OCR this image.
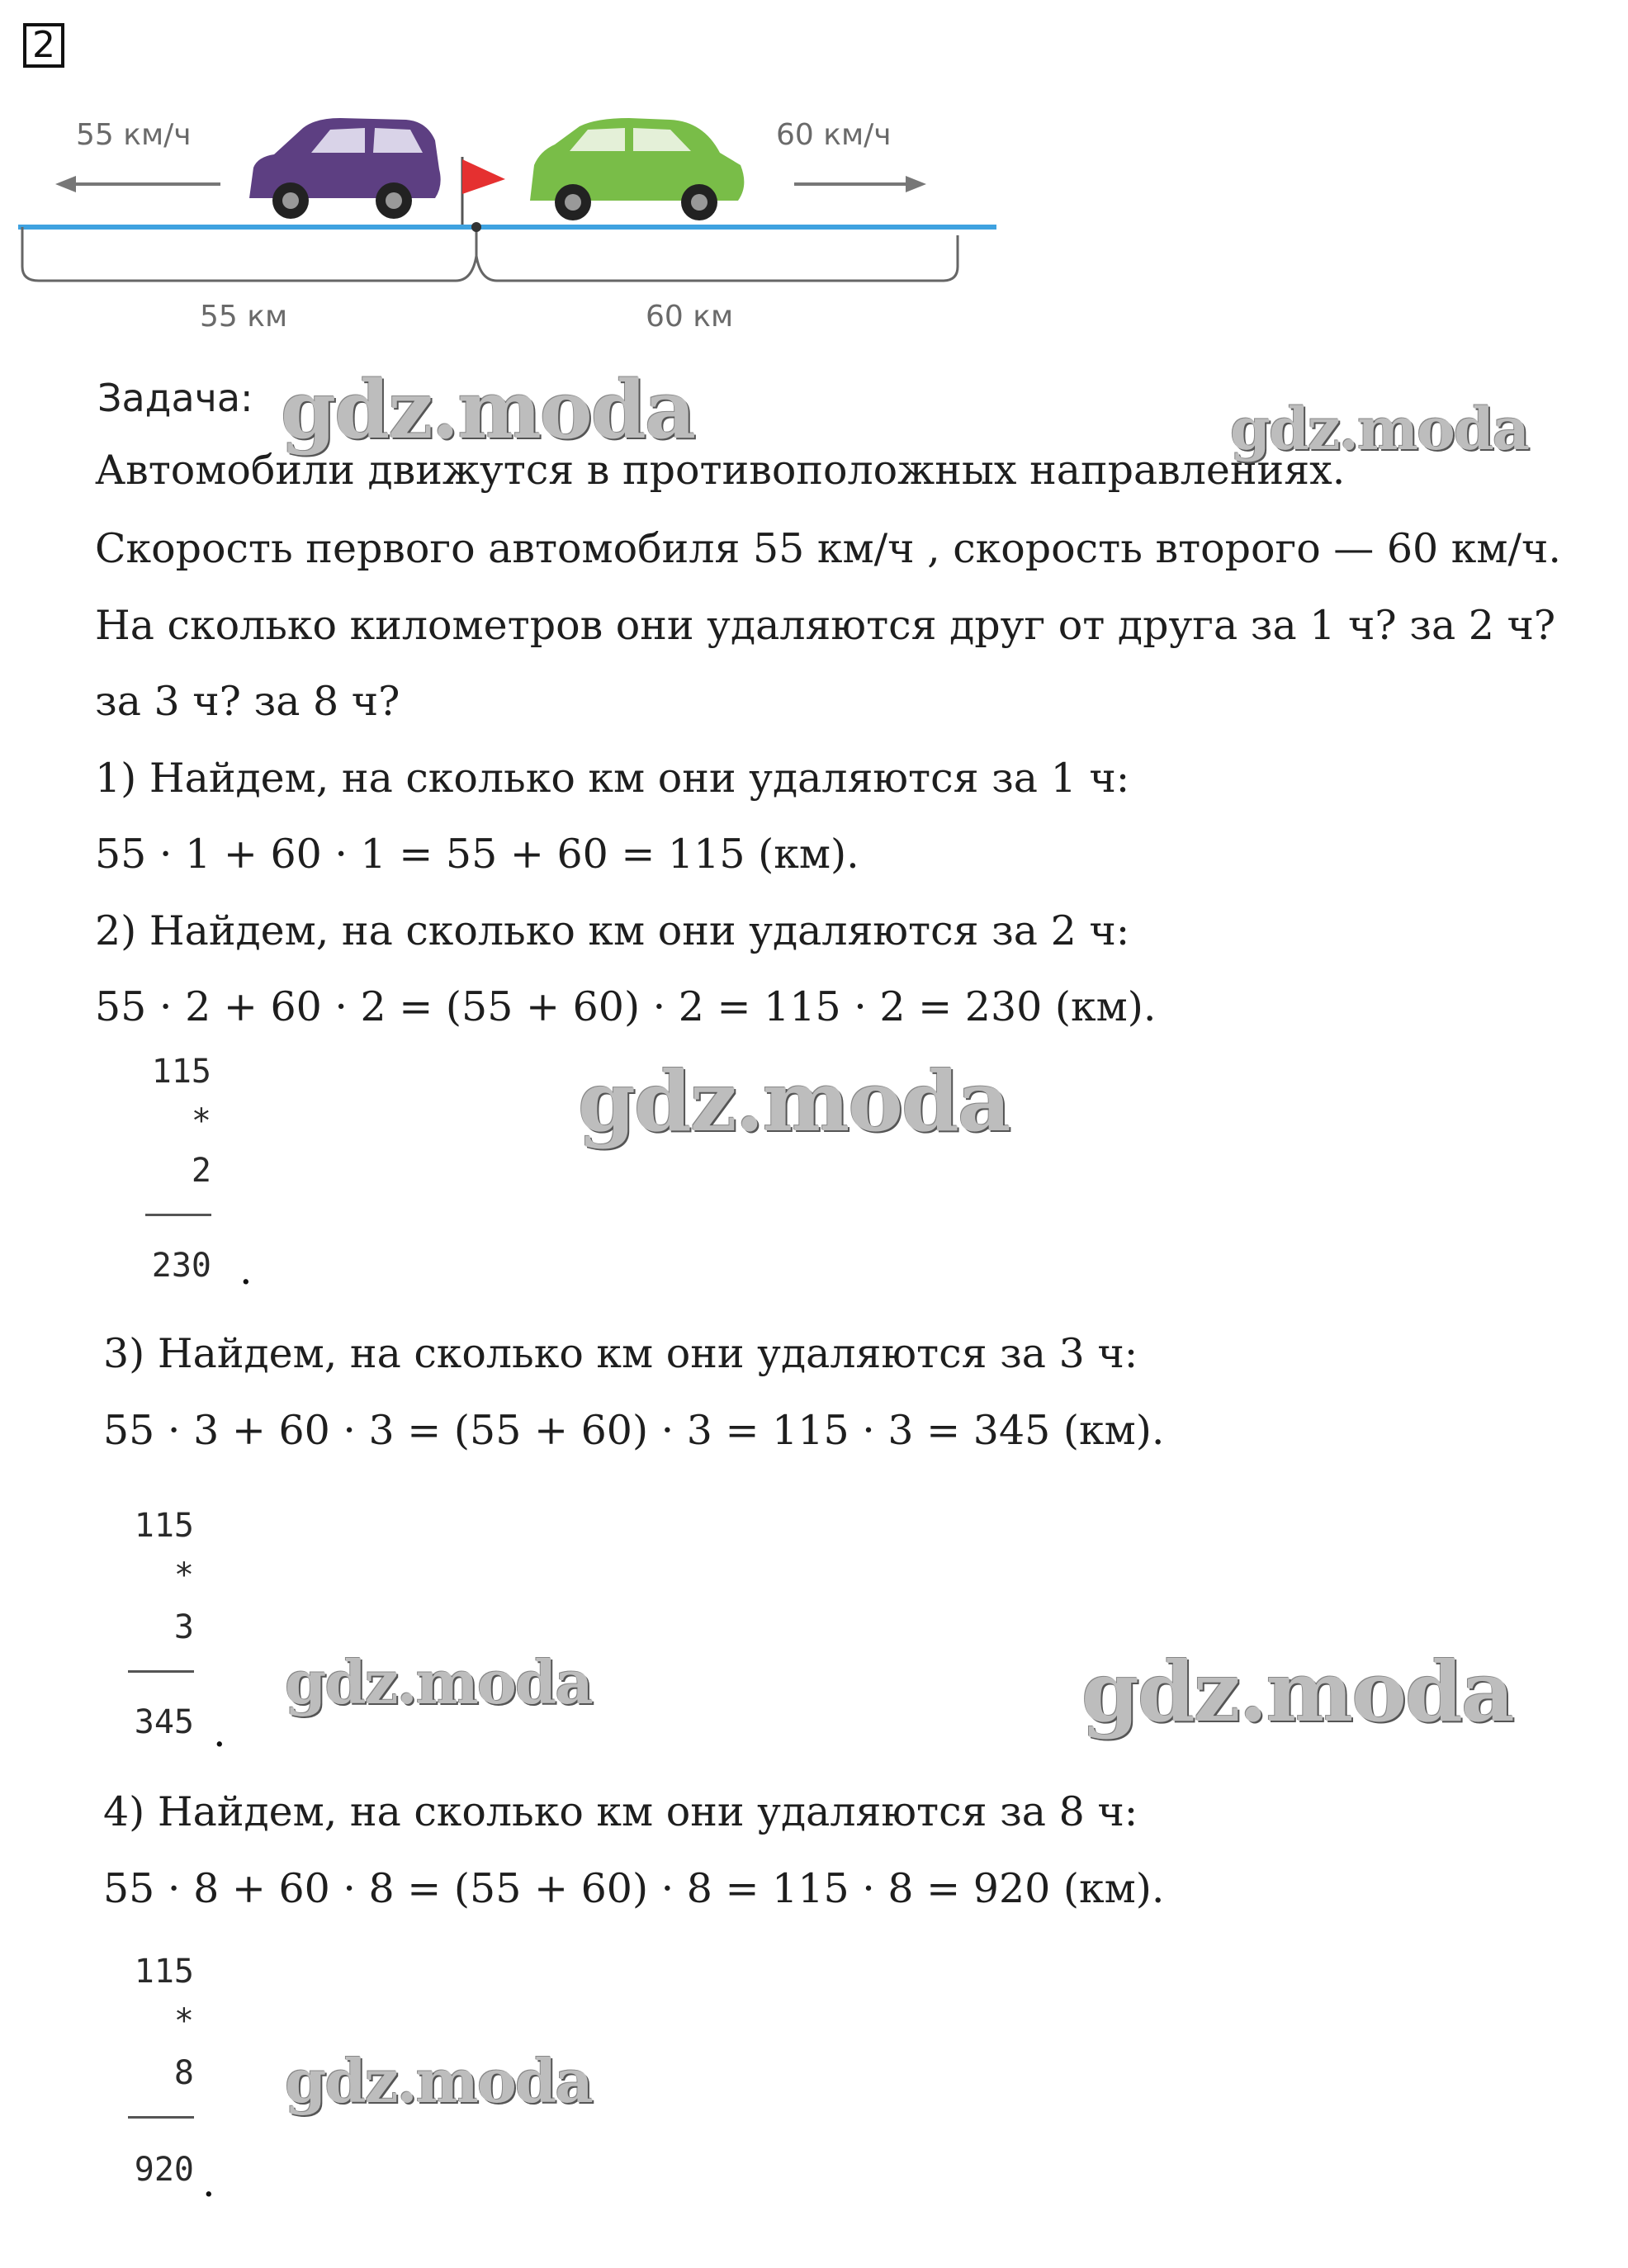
2
55 км/ч	60 км/ч
55 км	60 км
Задача:
Автомобили движутся в противоположных направлениях.
Скорость первого автомобиля 55 км/ч , скорость второго — 60 км/ч.
На сколько километров они удаляются друг от друга за 1 ч? за 2 ч?
за 3 ч? за 8 ч?
1) Найдем, на сколько км они удаляются за 1 ч:
55 · 1 + 60 · 1 = 55 + 60 = 115 (км).
2) Найдем, на сколько км они удаляются за 2 ч:
55 · 2 + 60 · 2 = (55 + 60) · 2 = 115 · 2 = 230 (км).
115
*
2
230 .
3) Найдем, на сколько км они удаляются за 3 ч:
55 · 3 + 60 · 3 = (55 + 60) · 3 = 115 · 3 = 345 (км).
115
*
3
345 .
4) Найдем, на сколько км они удаляются за 8 ч:
55 · 8 + 60 · 8 = (55 + 60) · 8 = 115 · 8 = 920 (км).
115
*
8
920 .
gdz.moda	gdz.moda
gdz.moda
gdz.moda	gdz.moda
gdz.moda
